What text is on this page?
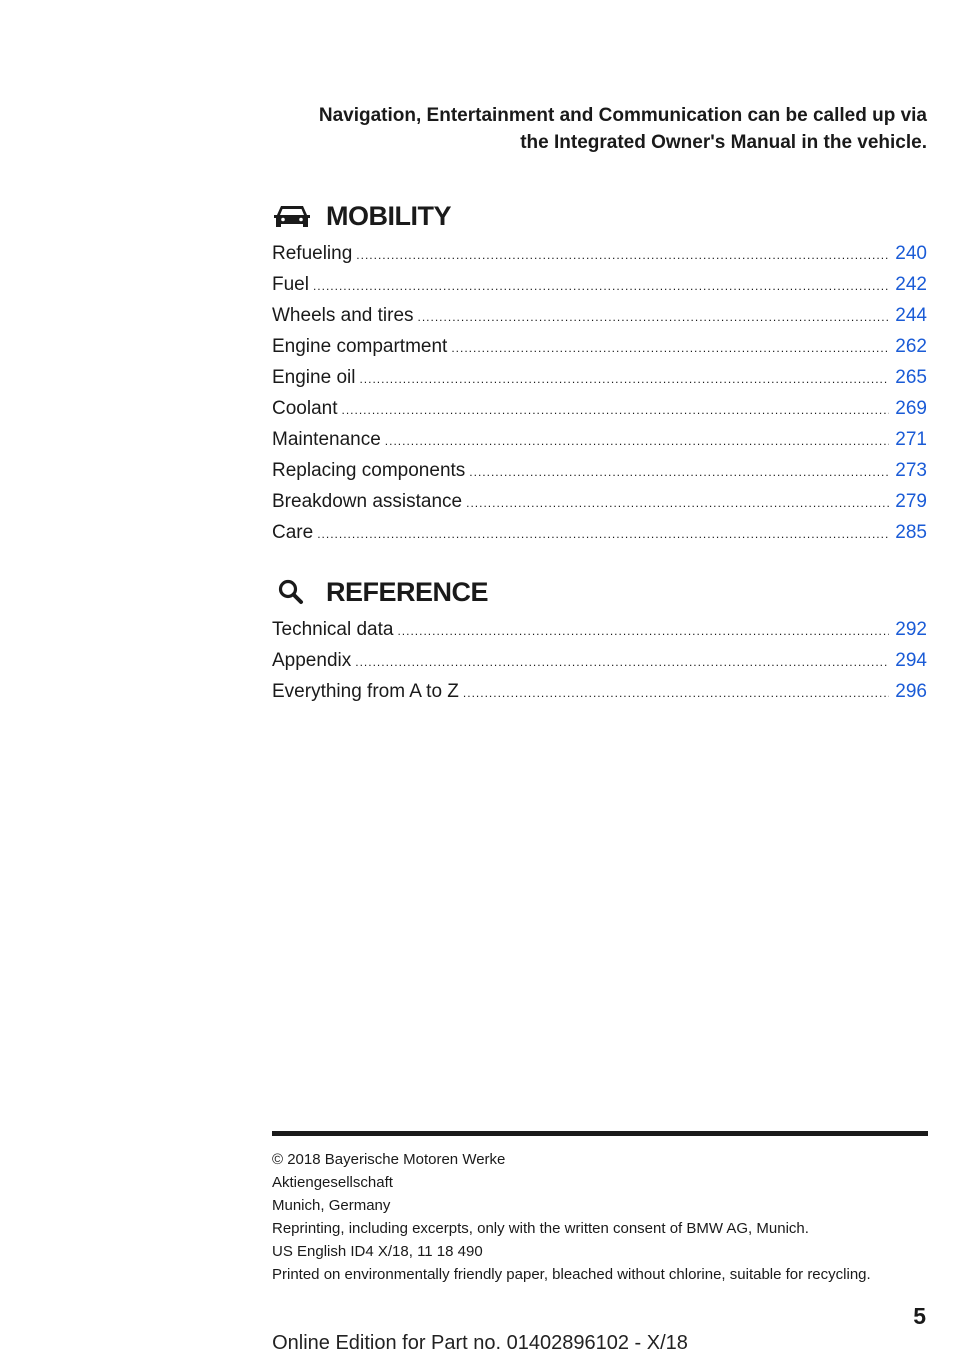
Navigation, Entertainment and Communication can be called up via
the Integrated Owner's Manual in the vehicle.
MOBILITY
Refueling .....	240
Fuel .....	242
Wheels and tires .....	244
Engine compartment .....	262
Engine oil .....	265
Coolant .....	269
Maintenance .....	271
Replacing components .....	273
Breakdown assistance .....	279
Care .....	285
REFERENCE
Technical data .....	292
Appendix .....	294
Everything from A to Z .....	296
© 2018 Bayerische Motoren Werke
Aktiengesellschaft
Munich, Germany
Reprinting, including excerpts, only with the written consent of BMW AG, Munich.
US English ID4 X/18, 11 18 490
Printed on environmentally friendly paper, bleached without chlorine, suitable for recycling.
5
Online Edition for Part no. 01402896102 - X/18
